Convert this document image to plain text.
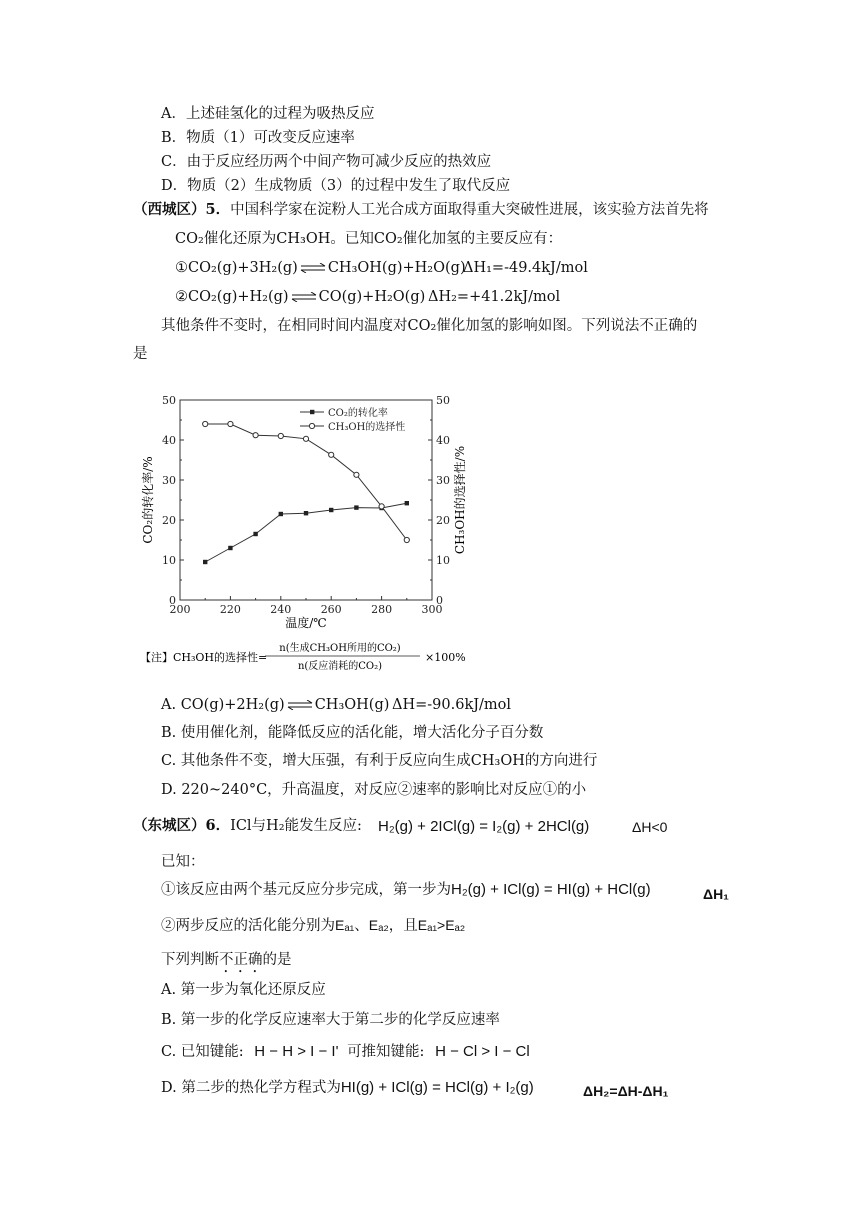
A．上述硅氢化的过程为吸热反应
B．物质（1）可改变反应速率
C．由于反应经历两个中间产物可减少反应的热效应
D．物质（2）生成物质（3）的过程中发生了取代反应
（西城区）5．中国科学家在淀粉人工光合成方面取得重大突破性进展，该实验方法首先将
CO₂催化还原为CH₃OH。已知CO₂催化加氢的主要反应有：
①CO₂(g)+3H₂(g) ⇌ CH₃OH(g)+H₂O(g)
ΔH₁=-49.4kJ/mol
②CO₂(g)+H₂(g) ⇌ CO(g)+H₂O(g) ΔH₂=+41.2kJ/mol
其他条件不变时，在相同时间内温度对CO₂催化加氢的影响如图。下列说法不正确的
是
200	220	240	260	280	300
0	0
10	10
20	20
30	30
40	40
50	50
CO₂的转化率
CH₃OH的选择性
温度/℃
CO₂的转化率/%	CH₃OH的选择性/%
【注】CH₃OH的选择性=
n(生成CH₃OH所用的CO₂)
n(反应消耗的CO₂)
×100%
A. CO(g)+2H₂(g) ⇌ CH₃OH(g) ΔH=-90.6kJ/mol
B. 使用催化剂，能降低反应的活化能，增大活化分子百分数
C. 其他条件不变，增大压强，有利于反应向生成CH₃OH的方向进行
D. 220~240°C，升高温度，对反应②速率的影响比对反应①的小
（东城区）6．ICl与H₂能发生反应: H₂(g) + 2ICl(g) = I₂(g) + 2HCl(g)	ΔH<0
已知：
①该反应由两个基元反应分步完成，第一步为H₂(g) + ICl(g) = HI(g) + HCl(g)	ΔH₁
②两步反应的活化能分别为Eₐ₁、Eₐ₂，且Eₐ₁>Eₐ₂
下列判断不正确的是
A. 第一步为氧化还原反应
B. 第一步的化学反应速率大于第二步的化学反应速率
C. 已知键能: H − H > I − I' 可推知键能: H − Cl > I − Cl
D. 第二步的热化学方程式为HI(g) + ICl(g) = HCl(g) + I₂(g)	ΔH₂=ΔH-ΔH₁
